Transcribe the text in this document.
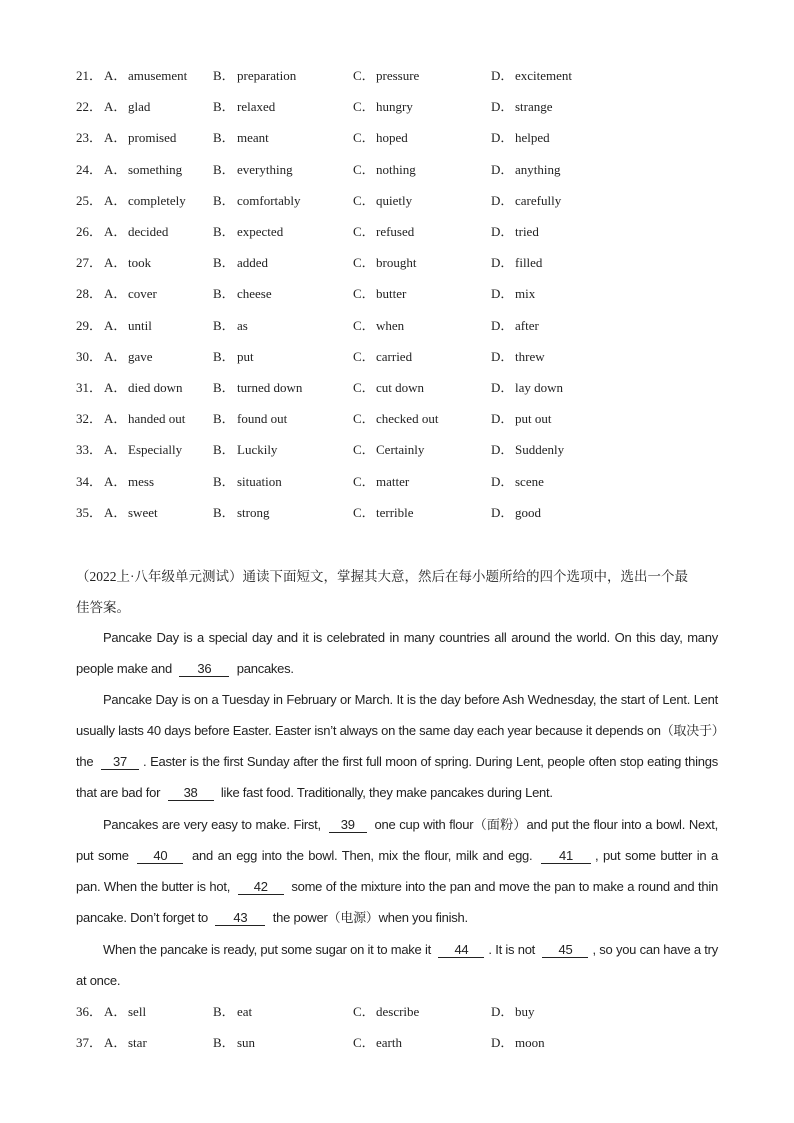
21． A． amusement B． preparation	C． pressure	D． excitement
22． A． glad	B． relaxed	C． hungry	D． strange
23． A． promised	B． meant	C． hoped	D． helped
24． A． something B． everything	C． nothing	D． anything
25． A． completely B． comfortably	C． quietly	D． carefully
26． A． decided	B． expected	C． refused	D． tried
27． A． took	B． added	C． brought	D． filled
28． A． cover	B． cheese	C． butter	D． mix
29． A． until	B． as	C． when	D． after
30． A． gave	B． put	C． carried	D． threw
31． A． died down B． turned down	C． cut down	D． lay down
32． A． handed out B． found out	C． checked out	D． put out
33． A． Especially B． Luckily	C． Certainly	D． Suddenly
34． A． mess	B． situation	C． matter	D． scene
35． A． sweet	B． strong	C． terrible	D． good
（2022上·八年级单元测试）通读下面短文，掌握其大意，然后在每小题所给的四个选项中，选出一个最
佳答案。
Pancake Day is a special day and it is celebrated in many countries all around the world. On this day, many people make and 36 pancakes.
Pancake Day is on a Tuesday in February or March. It is the day before Ash Wednesday, the start of Lent. Lent usually lasts 40 days before Easter. Easter isn’t always on the same day each year because it depends on（取决于）the 37 . Easter is the first Sunday after the first full moon of spring. During Lent, people often stop eating things that are bad for 38 like fast food. Traditionally, they make pancakes during Lent.
Pancakes are very easy to make. First, 39 one cup with flour（面粉）and put the flour into a bowl. Next, put some 40 and an egg into the bowl. Then, mix the flour, milk and egg. 41 , put some butter in a pan. When the butter is hot, 42 some of the mixture into the pan and move the pan to make a round and thin pancake. Don’t forget to 43 the power（电源）when you finish.
When the pancake is ready, put some sugar on it to make it 44 . It is not 45 , so you can have a try at once.
36． A． sell	B． eat	C． describe	D． buy
37． A． star	B． sun	C． earth	D． moon
